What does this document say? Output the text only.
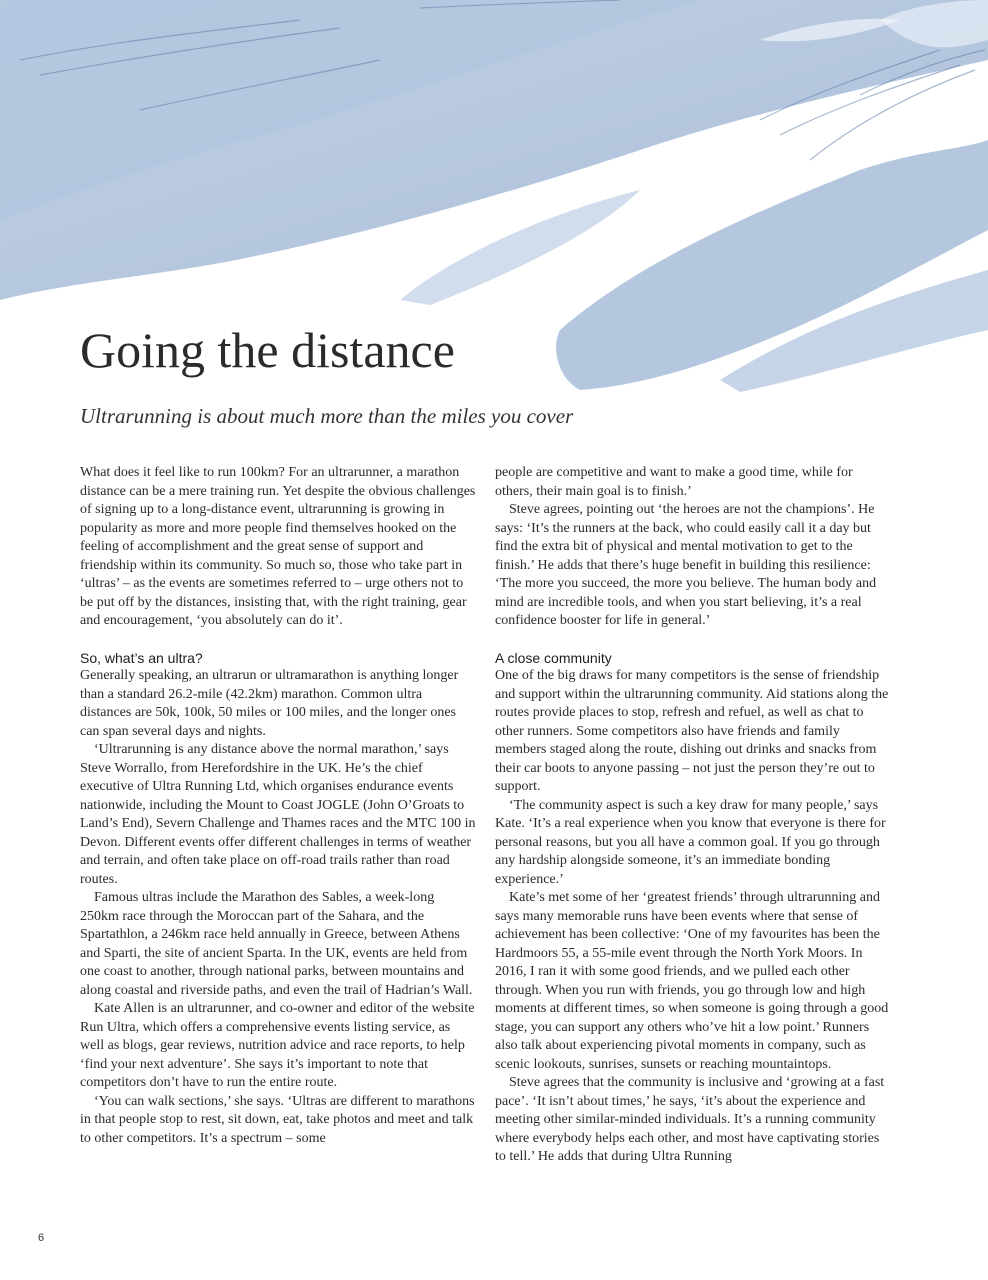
Going the distance

Ultrarunning is about much more than the miles you cover

What does it feel like to run 100km? For an ultrarunner, a marathon distance can be a mere training run. Yet despite the obvious challenges of signing up to a long-distance event, ultrarunning is growing in popularity as more and more people find themselves hooked on the feeling of accomplishment and the great sense of support and friendship within its community. So much so, those who take part in ‘ultras’ – as the events are sometimes referred to – urge others not to be put off by the distances, insisting that, with the right training, gear and encouragement, ‘you absolutely can do it’.

So, what’s an ultra?

Generally speaking, an ultrarun or ultramarathon is anything longer than a standard 26.2-mile (42.2km) marathon. Common ultra distances are 50k, 100k, 50 miles or 100 miles, and the longer ones can span several days and nights.

‘Ultrarunning is any distance above the normal marathon,’ says Steve Worrallo, from Herefordshire in the UK. He’s the chief executive of Ultra Running Ltd, which organises endurance events nationwide, including the Mount to Coast JOGLE (John O’Groats to Land’s End), Severn Challenge and Thames races and the MTC 100 in Devon. Different events offer different challenges in terms of weather and terrain, and often take place on off-road trails rather than road routes.

Famous ultras include the Marathon des Sables, a week-long 250km race through the Moroccan part of the Sahara, and the Spartathlon, a 246km race held annually in Greece, between Athens and Sparti, the site of ancient Sparta. In the UK, events are held from one coast to another, through national parks, between mountains and along coastal and riverside paths, and even the trail of Hadrian’s Wall.

Kate Allen is an ultrarunner, and co-owner and editor of the website Run Ultra, which offers a comprehensive events listing service, as well as blogs, gear reviews, nutrition advice and race reports, to help ‘find your next adventure’. She says it’s important to note that competitors don’t have to run the entire route.

‘You can walk sections,’ she says. ‘Ultras are different to marathons in that people stop to rest, sit down, eat, take photos and meet and talk to other competitors. It’s a spectrum – some

people are competitive and want to make a good time, while for others, their main goal is to finish.’

Steve agrees, pointing out ‘the heroes are not the champions’. He says: ‘It’s the runners at the back, who could easily call it a day but find the extra bit of physical and mental motivation to get to the finish.’ He adds that there’s huge benefit in building this resilience: ‘The more you succeed, the more you believe. The human body and mind are incredible tools, and when you start believing, it’s a real confidence booster for life in general.’

A close community

One of the big draws for many competitors is the sense of friendship and support within the ultrarunning community. Aid stations along the routes provide places to stop, refresh and refuel, as well as chat to other runners. Some competitors also have friends and family members staged along the route, dishing out drinks and snacks from their car boots to anyone passing – not just the person they’re out to support.

‘The community aspect is such a key draw for many people,’ says Kate. ‘It’s a real experience when you know that everyone is there for personal reasons, but you all have a common goal. If you go through any hardship alongside someone, it’s an immediate bonding experience.’

Kate’s met some of her ‘greatest friends’ through ultrarunning and says many memorable runs have been events where that sense of achievement has been collective: ‘One of my favourites has been the Hardmoors 55, a 55-mile event through the North York Moors. In 2016, I ran it with some good friends, and we pulled each other through. When you run with friends, you go through low and high moments at different times, so when someone is going through a good stage, you can support any others who’ve hit a low point.’ Runners also talk about experiencing pivotal moments in company, such as scenic lookouts, sunrises, sunsets or reaching mountaintops.

Steve agrees that the community is inclusive and ‘growing at a fast pace’. ‘It isn’t about times,’ he says, ‘it’s about the experience and meeting other similar-minded individuals. It’s a running community where everybody helps each other, and most have captivating stories to tell.’ He adds that during Ultra Running

6
